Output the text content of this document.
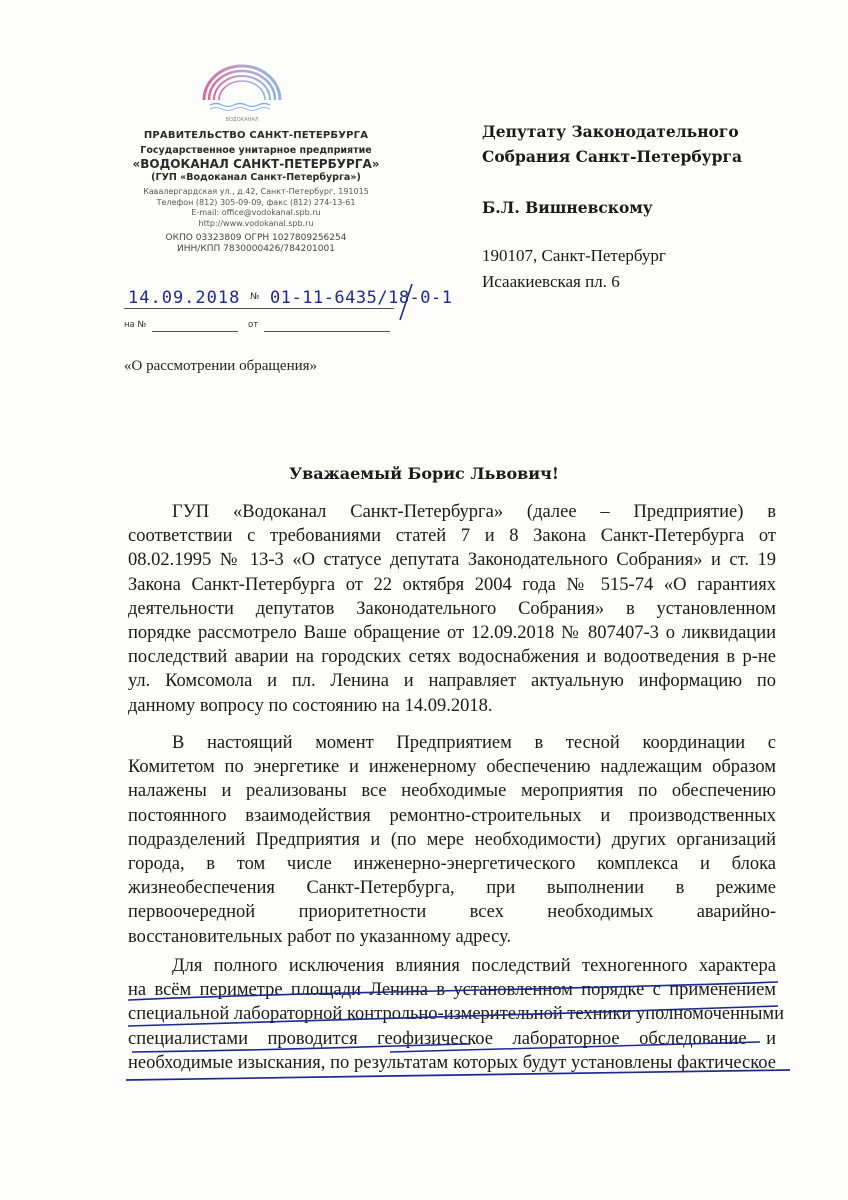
ВОДОКАНАЛ
ПРАВИТЕЛЬСТВО САНКТ-ПЕТЕРБУРГА
Государственное унитарное предприятие
«ВОДОКАНАЛ САНКТ-ПЕТЕРБУРГА»
(ГУП «Водоканал Санкт-Петербурга»)
Кавалергардская ул., д.42, Санкт-Петербург, 191015
Телефон (812) 305-09-09, факс (812) 274-13-61
E-mail: office@vodokanal.spb.ru
http://www.vodokanal.spb.ru
ОКПО 03323809 ОГРН 1027809256254
ИНН/КПП 7830000426/784201001
14.09.2018 № 01-11-6435/18-0-1
на №	от
«О рассмотрении обращения»
Депутату Законодательного
Собрания Санкт-Петербурга
Б.Л. Вишневскому
190107, Санкт-Петербург
Исаакиевская пл. 6
Уважаемый Борис Львович!
ГУП «Водоканал Санкт-Петербурга» (далее – Предприятие) в
соответствии с требованиями статей 7 и 8 Закона Санкт-Петербурга от
08.02.1995 № 13-3 «О статусе депутата Законодательного Собрания» и ст. 19
Закона Санкт-Петербурга от 22 октября 2004 года № 515-74 «О гарантиях
деятельности депутатов Законодательного Собрания» в установленном
порядке рассмотрело Ваше обращение от 12.09.2018 № 807407-3 о ликвидации
последствий аварии на городских сетях водоснабжения и водоотведения в р-не
ул. Комсомола и пл. Ленина и направляет актуальную информацию по
данному вопросу по состоянию на 14.09.2018.
В настоящий момент Предприятием в тесной координации с
Комитетом по энергетике и инженерному обеспечению надлежащим образом
налажены и реализованы все необходимые мероприятия по обеспечению
постоянного взаимодействия ремонтно-строительных и производственных
подразделений Предприятия и (по мере необходимости) других организаций
города, в том числе инженерно-энергетического комплекса и блока
жизнеобеспечения Санкт-Петербурга, при выполнении в режиме
первоочередной приоритетности всех необходимых аварийно-
восстановительных работ по указанному адресу.
Для полного исключения влияния последствий техногенного характера
на всём периметре площади Ленина в установленном порядке с применением
специальной лабораторной контрольно-измерительной техники уполномоченными
специалистами проводится геофизическое лабораторное обследование и
необходимые изыскания, по результатам которых будут установлены фактическое
